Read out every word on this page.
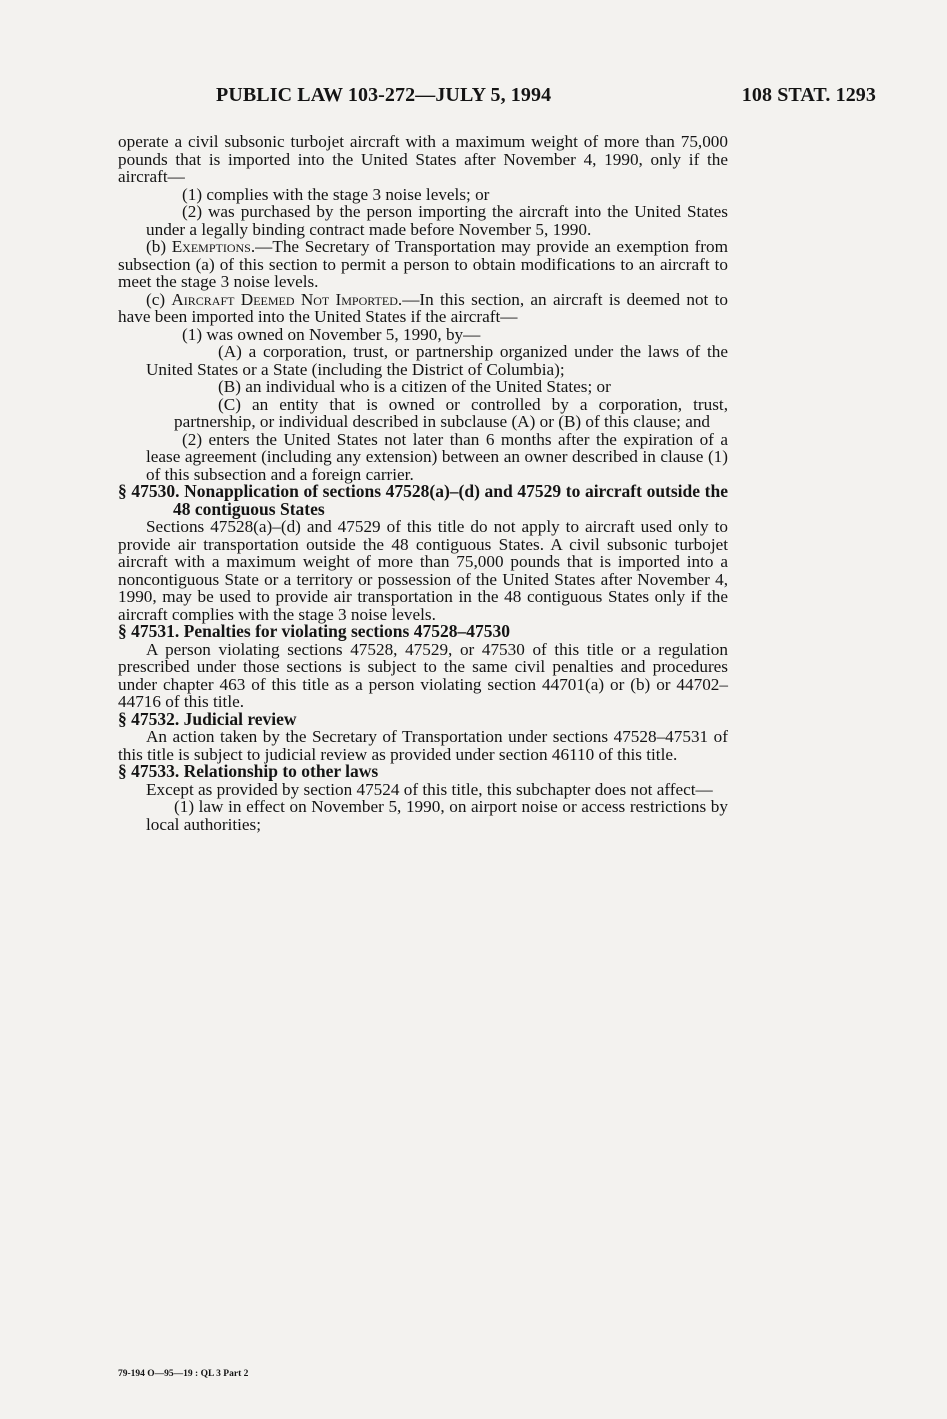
PUBLIC LAW 103-272—JULY 5, 1994	108 STAT. 1293

operate a civil subsonic turbojet aircraft with a maximum weight of more than 75,000 pounds that is imported into the United States after November 4, 1990, only if the aircraft—

(1) complies with the stage 3 noise levels; or

(2) was purchased by the person importing the aircraft into the United States under a legally binding contract made before November 5, 1990.

(b) Exemptions.—The Secretary of Transportation may provide an exemption from subsection (a) of this section to permit a person to obtain modifications to an aircraft to meet the stage 3 noise levels.

(c) Aircraft Deemed Not Imported.—In this section, an aircraft is deemed not to have been imported into the United States if the aircraft—

(1) was owned on November 5, 1990, by—

(A) a corporation, trust, or partnership organized under the laws of the United States or a State (including the District of Columbia);

(B) an individual who is a citizen of the United States; or

(C) an entity that is owned or controlled by a corporation, trust, partnership, or individual described in subclause (A) or (B) of this clause; and

(2) enters the United States not later than 6 months after the expiration of a lease agreement (including any extension) between an owner described in clause (1) of this subsection and a foreign carrier.

§ 47530. Nonapplication of sections 47528(a)–(d) and 47529 to aircraft outside the 48 contiguous States

Sections 47528(a)–(d) and 47529 of this title do not apply to aircraft used only to provide air transportation outside the 48 contiguous States. A civil subsonic turbojet aircraft with a maximum weight of more than 75,000 pounds that is imported into a noncontiguous State or a territory or possession of the United States after November 4, 1990, may be used to provide air transportation in the 48 contiguous States only if the aircraft complies with the stage 3 noise levels.

§ 47531. Penalties for violating sections 47528–47530

A person violating sections 47528, 47529, or 47530 of this title or a regulation prescribed under those sections is subject to the same civil penalties and procedures under chapter 463 of this title as a person violating section 44701(a) or (b) or 44702–44716 of this title.

§ 47532. Judicial review

An action taken by the Secretary of Transportation under sections 47528–47531 of this title is subject to judicial review as provided under section 46110 of this title.

§ 47533. Relationship to other laws

Except as provided by section 47524 of this title, this subchapter does not affect—

(1) law in effect on November 5, 1990, on airport noise or access restrictions by local authorities;

79-194 O—95—19 : QL 3 Part 2
